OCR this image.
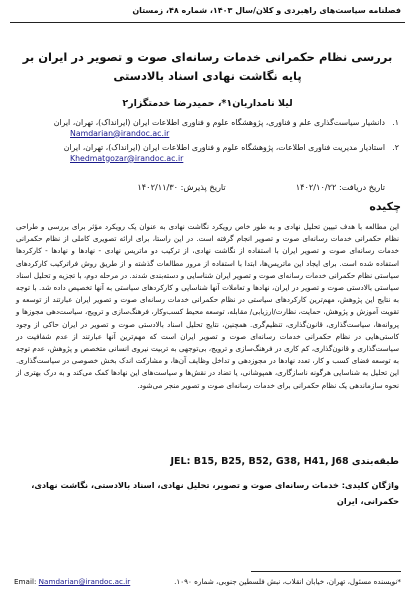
فصلنامه سیاست‌های راهبردی و کلان/سال ۱۴۰۳، شماره ۴۸، زمستان
بررسی نظام حکمرانی خدمات رسانه‌ای صوت و تصویر در ایران بر پایه نگاشت نهادی اسناد بالادستی
لیلا نامداریان‌۱*، حمیدرضا خدمتگزار۲
۱.
دانشیار سیاست‌گذاری علم و فناوری، پژوهشگاه علوم و فناوری اطلاعات ایران (ایرانداک)، تهران، ایران
Namdarian@irandoc.ac.ir
۲.
استادیار مدیریت فناوری اطلاعات، پژوهشگاه علوم و فناوری اطلاعات ایران (ایرانداک)، تهران، ایران
Khedmatgozar@irandoc.ac.ir
تاریخ دریافت: ۱۴۰۲/۱۰/۲۲
تاریخ پذیرش: ۱۴۰۲/۱۱/۳۰
چکیده
این مطالعه با هدف تبیین تحلیل نهادی و به طور خاص رویکرد نگاشت نهادی به عنوان یک رویکرد مؤثر برای بررسی و طراحی نظام حکمرانی خدمات رسانه‌ای صوت و تصویر انجام گرفته است. در این راستا، برای ارائه تصویری کاملی از نظام حکمرانی خدمات رسانه‌ای صوت و تصویر ایران با استفاده از نگاشت نهادی، از ترکیب دو ماتریس نهادی - نهادها و نهادها - کارکردها استفاده شده است. برای ایجاد این ماتریس‌ها، ابتدا با استفاده از مرور مطالعات گذشته و از طریق روش فراترکیب کارکردهای سیاستی نظام حکمرانی خدمات رسانه‌ای صوت و تصویر ایران شناسایی و دسته‌بندی شدند. در مرحله دوم، با تجزیه و تحلیل اسناد سیاستی بالادستی صوت و تصویر در ایران، نهادها و تعاملات آنها شناسایی و کارکردهای سیاستی به آنها تخصیص داده شد. با توجه به نتایج این پژوهش، مهم‌ترین کارکردهای سیاستی در نظام حکمرانی خدمات رسانه‌ای صوت و تصویر ایران عبارتند از توسعه و تقویت آموزش و پژوهش، حمایت، نظارت/ارزیابی/ مقابله، توسعه محیط کسب‌وکار، فرهنگ‌سازی و ترویج، سیاست‌دهی مجوزها و پروانه‌ها، سیاست‌گذاری، قانون‌گذاری، تنظیم‌گری. همچنین، نتایج تحلیل اسناد بالادستی صوت و تصویر در ایران حاکی از وجود کاستی‌هایی در نظام حکمرانی خدمات رسانه‌ای صوت و تصویر ایران است که مهم‌ترین آنها عبارتند از عدم شفافیت در سیاست‌گذاری و قانون‌گذاری، کم کاری در فرهنگ‌سازی و ترویج، بی‌توجهی به تربیت نیروی انسانی متخصص و پژوهش، عدم توجه به توسعه فضای کسب و کار، تعدد نهادها در مجوزدهی و تداخل وظایف آن‌ها، و مشارکت اندک بخش خصوصی در سیاست‌گذاری. این تحلیل به شناسایی هرگونه ناسازگاری، همپوشانی، یا تضاد در نقش‌ها و سیاست‌های این نهادها کمک می‌کند و به درک بهتری از نحوه سازماندهی یک نظام حکمرانی برای خدمات رسانه‌ای صوت و تصویر منجر می‌شود.
طبقه‌بندی JEL: B15, B25, B52, G38, H41, J68
واژگان کلیدی: خدمات رسانه‌ای صوت و تصویر، تحلیل نهادی، اسناد بالادستی، نگاشت نهادی، حکمرانی، ایران
Email: Namdarian@irandoc.ac.ir	*نویسنده مسئول، تهران، خیابان انقلاب، نبش فلسطین جنوبی، شماره ۱۰۹۰.
